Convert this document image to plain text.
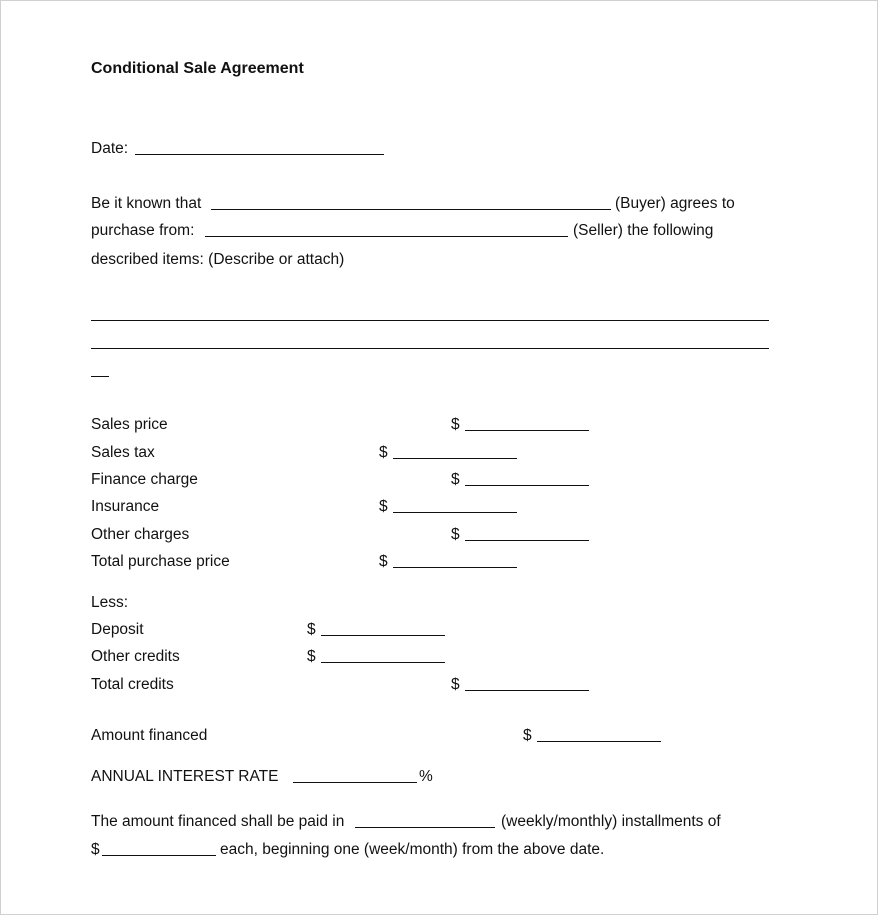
Conditional Sale Agreement
Date:
Be it known that	(Buyer) agrees to
purchase from:	(Seller) the following
described items: (Describe or attach)
Sales price	$
Sales tax	$
Finance charge	$
Insurance	$
Other charges	$
Total purchase price	$
Less:
Deposit	$
Other credits	$
Total credits	$
Amount financed	$
ANNUAL INTEREST RATE	%
The amount financed shall be paid in	(weekly/monthly) installments of
$	each, beginning one (week/month) from the above date.
